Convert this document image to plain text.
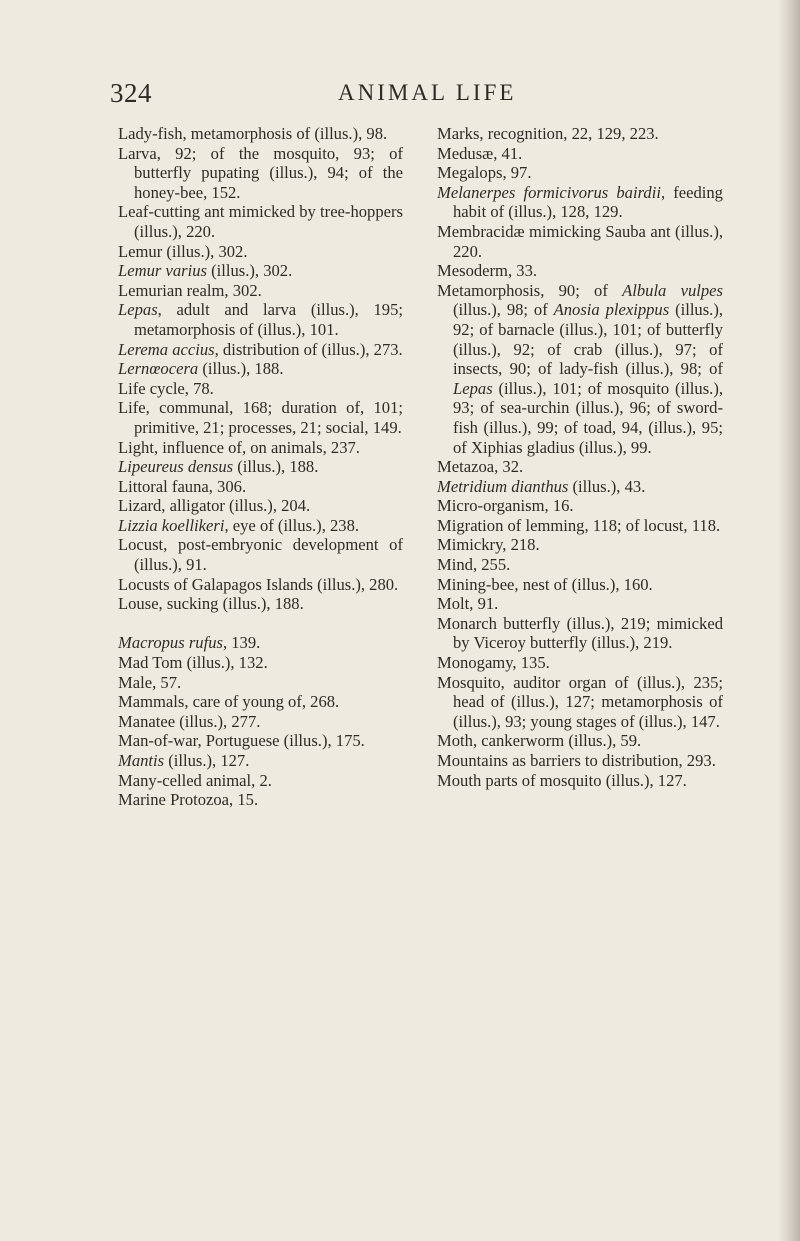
324	ANIMAL LIFE
Lady-fish, metamorphosis of (illus.), 98.
Larva, 92; of the mosquito, 93; of butterfly pupating (illus.), 94; of the honey-bee, 152.
Leaf-cutting ant mimicked by tree-hoppers (illus.), 220.
Lemur (illus.), 302.
Lemur varius (illus.), 302.
Lemurian realm, 302.
Lepas, adult and larva (illus.), 195; metamorphosis of (illus.), 101.
Lerema accius, distribution of (illus.), 273.
Lernœocera (illus.), 188.
Life cycle, 78.
Life, communal, 168; duration of, 101; primitive, 21; processes, 21; social, 149.
Light, influence of, on animals, 237.
Lipeureus densus (illus.), 188.
Littoral fauna, 306.
Lizard, alligator (illus.), 204.
Lizzia koellikeri, eye of (illus.), 238.
Locust, post-embryonic development of (illus.), 91.
Locusts of Galapagos Islands (illus.), 280.
Louse, sucking (illus.), 188.
Macropus rufus, 139.
Mad Tom (illus.), 132.
Male, 57.
Mammals, care of young of, 268.
Manatee (illus.), 277.
Man-of-war, Portuguese (illus.), 175.
Mantis (illus.), 127.
Many-celled animal, 2.
Marine Protozoa, 15.
Marks, recognition, 22, 129, 223.
Medusæ, 41.
Megalops, 97.
Melanerpes formicivorus bairdii, feeding habit of (illus.), 128, 129.
Membracidæ mimicking Sauba ant (illus.), 220.
Mesoderm, 33.
Metamorphosis, 90; of Albula vulpes (illus.), 98; of Anosia plexippus (illus.), 92; of barnacle (illus.), 101; of butterfly (illus.), 92; of crab (illus.), 97; of insects, 90; of lady-fish (illus.), 98; of Lepas (illus.), 101; of mosquito (illus.), 93; of sea-urchin (illus.), 96; of sword-fish (illus.), 99; of toad, 94, (illus.), 95; of Xiphias gladius (illus.), 99.
Metazoa, 32.
Metridium dianthus (illus.), 43.
Micro-organism, 16.
Migration of lemming, 118; of locust, 118.
Mimickry, 218.
Mind, 255.
Mining-bee, nest of (illus.), 160.
Molt, 91.
Monarch butterfly (illus.), 219; mimicked by Viceroy butterfly (illus.), 219.
Monogamy, 135.
Mosquito, auditor organ of (illus.), 235; head of (illus.), 127; metamorphosis of (illus.), 93; young stages of (illus.), 147.
Moth, cankerworm (illus.), 59.
Mountains as barriers to distribution, 293.
Mouth parts of mosquito (illus.), 127.
